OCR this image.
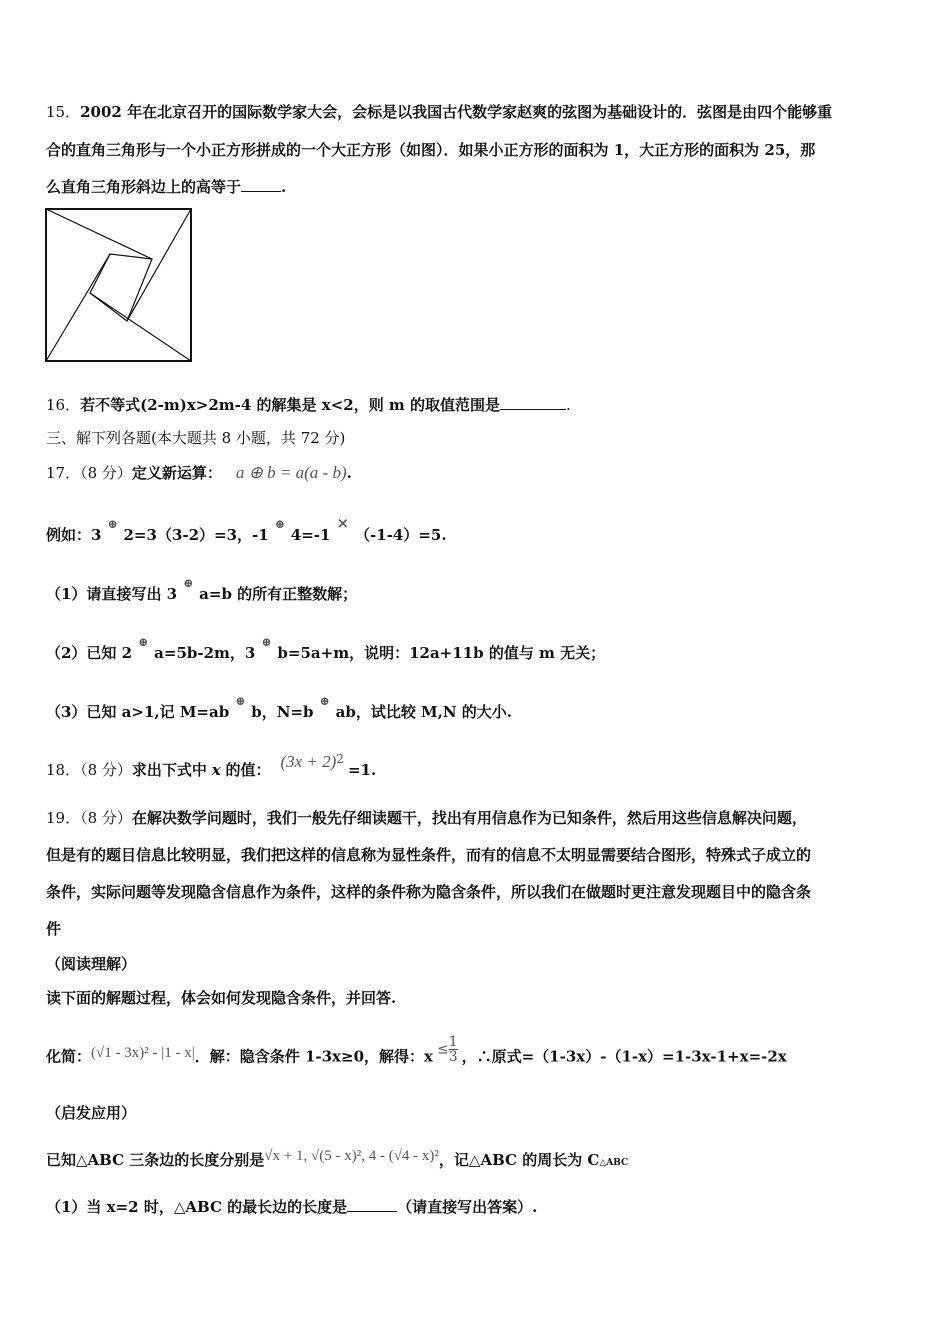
15．2002 年在北京召开的国际数学家大会，会标是以我国古代数学家赵爽的弦图为基础设计的．弦图是由四个能够重
合的直角三角形与一个小正方形拼成的一个大正方形（如图）．如果小正方形的面积为 1，大正方形的面积为 25，那
么直角三角形斜边上的高等于	.
16．若不等式(2-m)x>2m-4 的解集是 x<2，则 m 的取值范围是	.
三、解下列各题(本大题共 8 小题，共 72 分)
17．（8 分）定义新运算： a ⊕ b = a(a - b).
例如：3⊕2=3（3-2）=3，-1⊕4=-1×（-1-4）=5.
（1）请直接写出 3⊕a=b 的所有正整数解；
（2）已知 2⊕a=5b-2m，3⊕b=5a+m，说明：12a+11b 的值与 m 无关；
（3）已知 a>1,记 M=ab⊕b，N=b⊕ab，试比较 M,N 的大小.
18．（8 分）求出下式中 x 的值： $(3x + 2)^2=1$.
19．（8 分）在解决数学问题时，我们一般先仔细读题干，找出有用信息作为已知条件，然后用这些信息解决问题，
但是有的题目信息比较明显，我们把这样的信息称为显性条件，而有的信息不太明显需要结合图形，特殊式子成立的
条件，实际问题等发现隐含信息作为条件，这样的条件称为隐含条件，所以我们在做题时更注意发现题目中的隐含条
件
（阅读理解）
读下面的解题过程，体会如何发现隐含条件，并回答.
化简：(√1 - 3x)² - |1 - x|．解：隐含条件 1-3x≥0，解得：$x \le \frac{1}{3}$ ，∴原式=（1-3x）-（1-x）=1-3x-1+x=-2x
（启发应用）
已知△ABC 三条边的长度分别是√x + 1, √(5 - x)², 4 - (√4 - x)²，记△ABC 的周长为 C△ABC
（1）当 x=2 时，△ABC 的最长边的长度是	（请直接写出答案）.
